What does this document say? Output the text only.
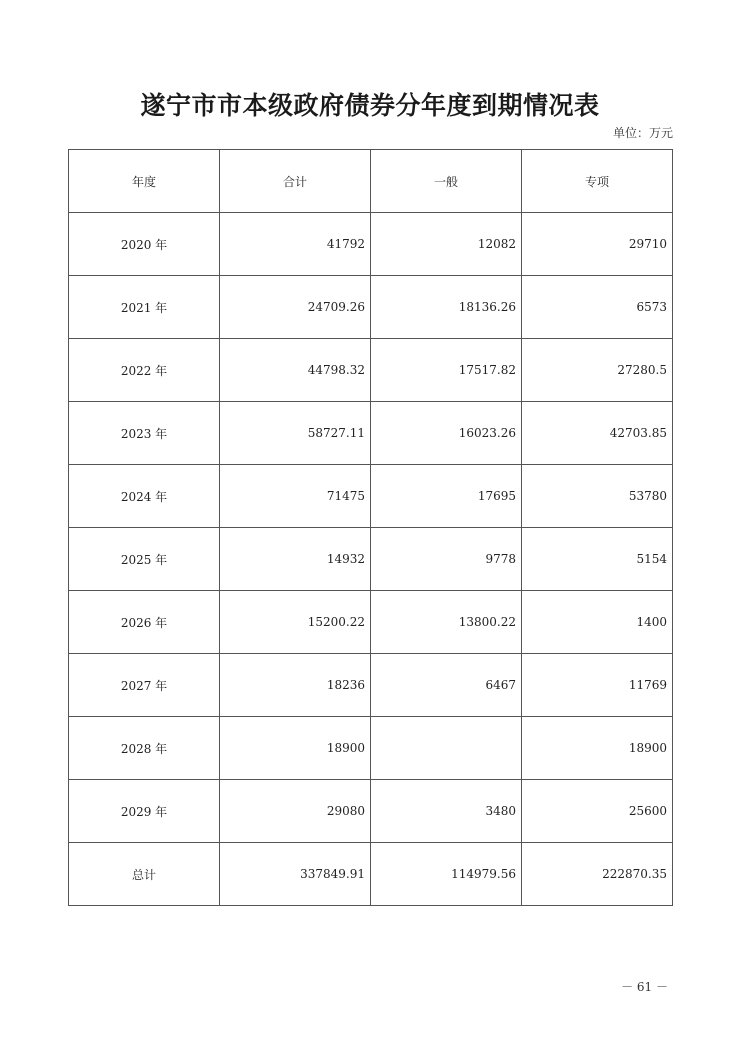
遂宁市市本级政府债券分年度到期情况表
单位：万元
年度	合计	一般	专项
2020 年	41792	12082	29710
2021 年	24709.26	18136.26	6573
2022 年	44798.32	17517.82	27280.5
2023 年	58727.11	16023.26	42703.85
2024 年	71475	17695	53780
2025 年	14932	9778	5154
2026 年	15200.22	13800.22	1400
2027 年	18236	6467	11769
2028 年	18900		18900
2029 年	29080	3480	25600
总计	337849.91	114979.56	222870.35
－ 61 －
